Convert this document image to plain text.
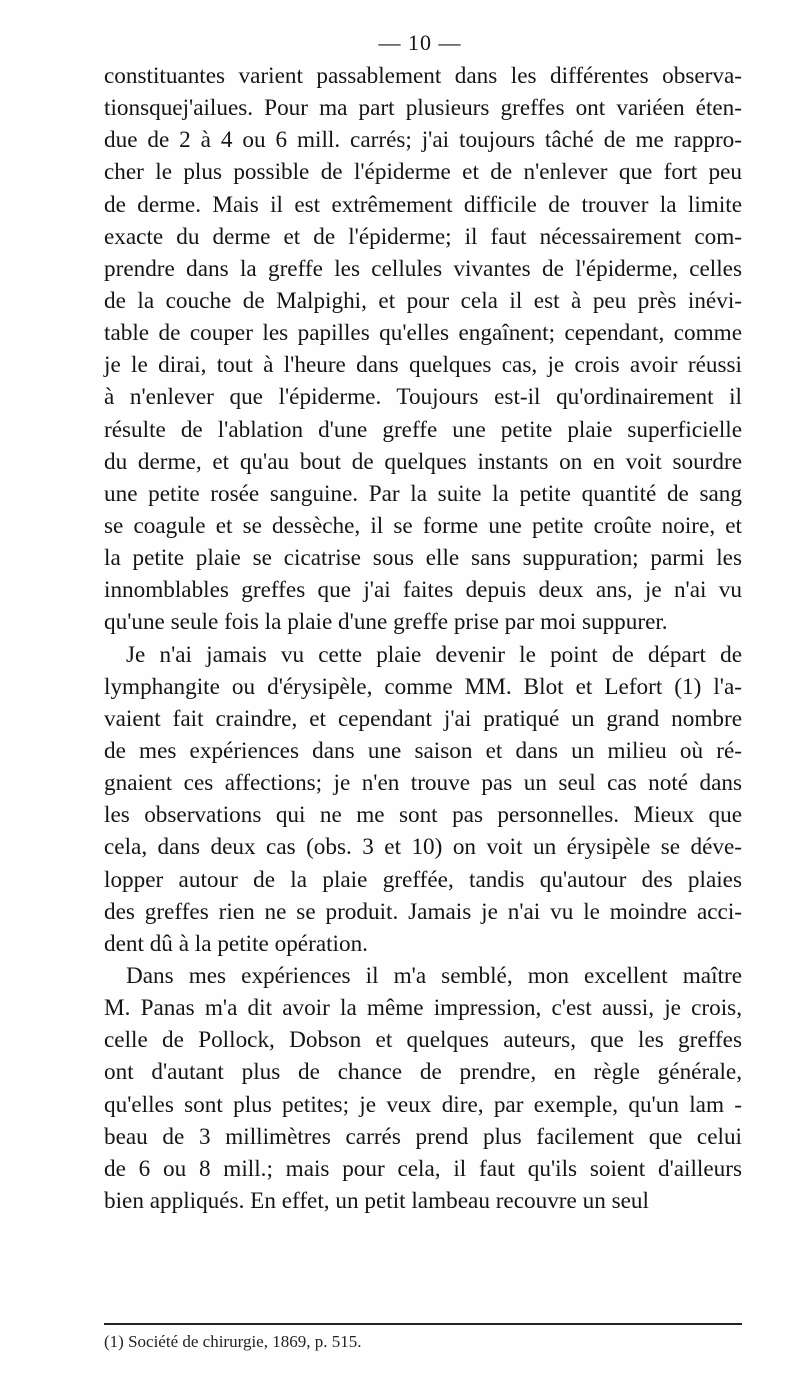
— 10 —
constituantes varient passablement dans les différentes observa-
tionsquej'ailues. Pour ma part plusieurs greffes ont variéen éten-
due de 2 à 4 ou 6 mill. carrés; j'ai toujours tâché de me rappro-
cher le plus possible de l'épiderme et de n'enlever que fort peu
de derme. Mais il est extrêmement difficile de trouver la limite
exacte du derme et de l'épiderme; il faut nécessairement com-
prendre dans la greffe les cellules vivantes de l'épiderme, celles
de la couche de Malpighi, et pour cela il est à peu près inévi-
table de couper les papilles qu'elles engaînent; cependant, comme
je le dirai, tout à l'heure dans quelques cas, je crois avoir réussi
à n'enlever que l'épiderme. Toujours est-il qu'ordinairement il
résulte de l'ablation d'une greffe une petite plaie superficielle
du derme, et qu'au bout de quelques instants on en voit sourdre
une petite rosée sanguine. Par la suite la petite quantité de sang
se coagule et se dessèche, il se forme une petite croûte noire, et
la petite plaie se cicatrise sous elle sans suppuration; parmi les
innomblables greffes que j'ai faites depuis deux ans, je n'ai vu
qu'une seule fois la plaie d'une greffe prise par moi suppurer.
Je n'ai jamais vu cette plaie devenir le point de départ de
lymphangite ou d'érysipèle, comme MM. Blot et Lefort (1) l'a-
vaient fait craindre, et cependant j'ai pratiqué un grand nombre
de mes expériences dans une saison et dans un milieu où ré-
gnaient ces affections; je n'en trouve pas un seul cas noté dans
les observations qui ne me sont pas personnelles. Mieux que
cela, dans deux cas (obs. 3 et 10) on voit un érysipèle se déve-
lopper autour de la plaie greffée, tandis qu'autour des plaies
des greffes rien ne se produit. Jamais je n'ai vu le moindre acci-
dent dû à la petite opération.
Dans mes expériences il m'a semblé, mon excellent maître
M. Panas m'a dit avoir la même impression, c'est aussi, je crois,
celle de Pollock, Dobson et quelques auteurs, que les greffes
ont d'autant plus de chance de prendre, en règle générale,
qu'elles sont plus petites; je veux dire, par exemple, qu'un lam -
beau de 3 millimètres carrés prend plus facilement que celui
de 6 ou 8 mill.; mais pour cela, il faut qu'ils soient d'ailleurs
bien appliqués. En effet, un petit lambeau recouvre un seul
(1) Société de chirurgie, 1869, p. 515.
